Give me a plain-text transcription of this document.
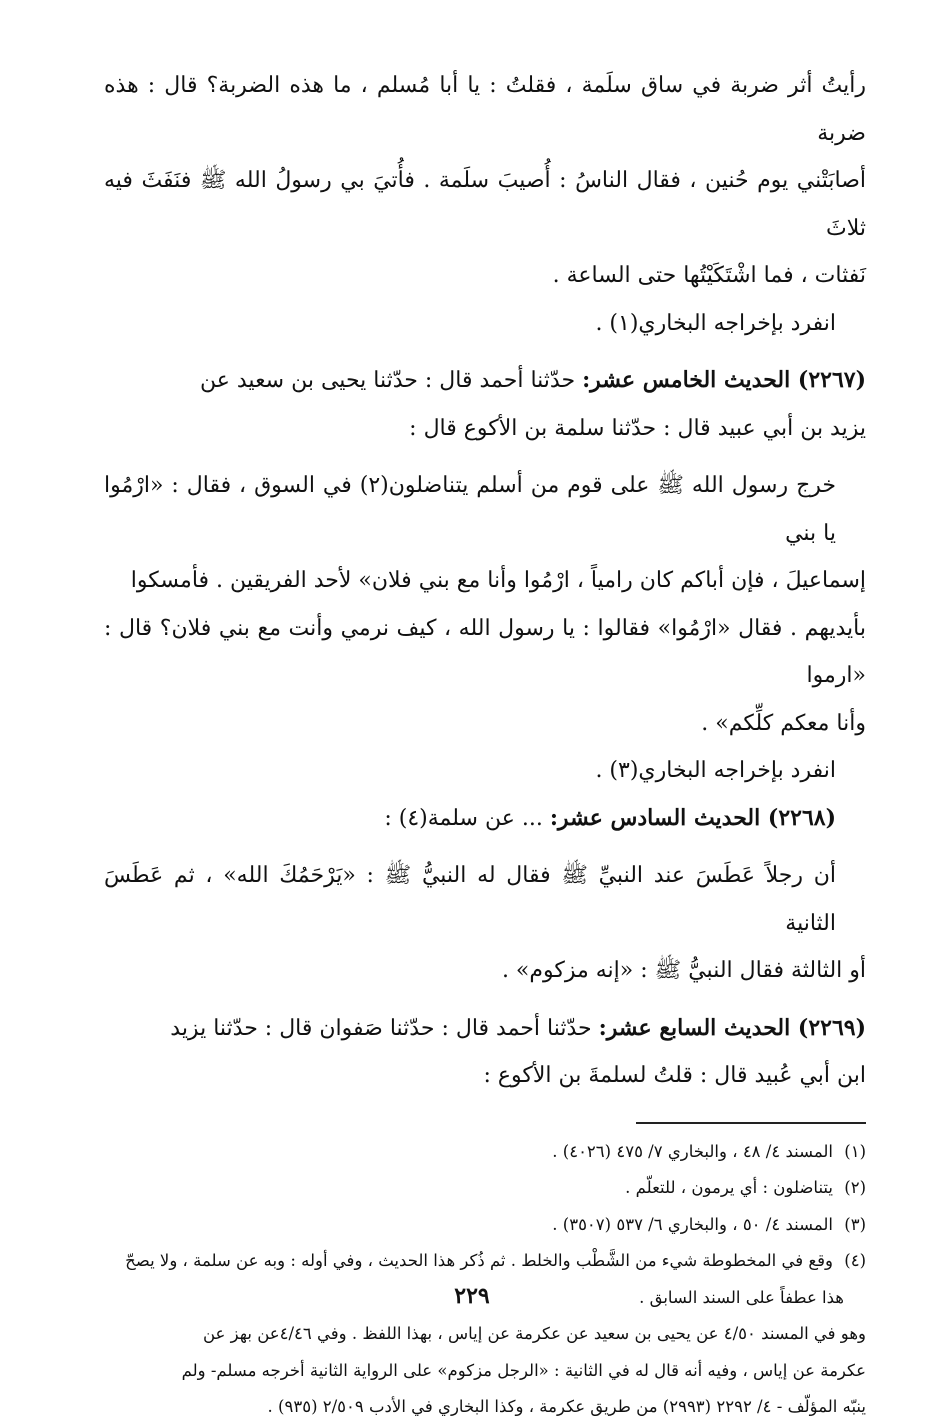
رأيتُ أثر ضربة في ساق سلَمة ، فقلتُ : يا أبا مُسلم ، ما هذه الضربة؟ قال : هذه ضربة

أصابَتْني يوم حُنين ، فقال الناسُ : أُصيبَ سلَمة . فأُتيَ بي رسولُ الله ﷺ فنَفَثَ فيه ثلاثَ

نَفثات ، فما اشْتَكَيْتُها حتى الساعة .

انفرد بإخراجه البخاري(١) .

(٢٢٦٧) الحديث الخامس عشر: حدّثنا أحمد قال : حدّثنا يحيى بن سعيد عن

يزيد بن أبي عبيد قال : حدّثنا سلمة بن الأكوع قال :

خرج رسول الله ﷺ على قوم من أسلم يتناضلون(٢) في السوق ، فقال : «ارْمُوا يا بني

إسماعيلَ ، فإن أباكم كان رامياً ، ارْمُوا وأنا مع بني فلان» لأحد الفريقين . فأمسكوا

بأيديهم . فقال «ارْمُوا» فقالوا : يا رسول الله ، كيف نرمي وأنت مع بني فلان؟ قال : «ارموا

وأنا معكم كلِّكم» .

انفرد بإخراجه البخاري(٣) .

(٢٢٦٨) الحديث السادس عشر: ... عن سلمة(٤) :

أن رجلاً عَطَسَ عند النبيِّ ﷺ فقال له النبيُّ ﷺ : «يَرْحَمُكَ الله» ، ثم عَطَسَ الثانية

أو الثالثة فقال النبيُّ ﷺ : «إنه مزكوم» .

(٢٢٦٩) الحديث السابع عشر: حدّثنا أحمد قال : حدّثنا صَفوان قال : حدّثنا يزيد

ابن أبي عُبيد قال : قلتُ لسلمةَ بن الأكوع :

(١) المسند ٤/ ٤٨ ، والبخاري ٧/ ٤٧٥ (٤٠٢٦) .

(٢) يتناضلون : أي يرمون ، للتعلّم .

(٣) المسند ٤/ ٥٠ ، والبخاري ٦/ ٥٣٧ (٣٥٠٧) .

(٤) وقع في المخطوطة شيء من الشَّطْب والخلط . ثم ذُكر هذا الحديث ، وفي أوله : وبه عن سلمة ، ولا يصحّ

هذا عطفاً على السند السابق .

وهو في المسند ٤/٥٠ عن يحيى بن سعيد عن عكرمة عن إياس ، بهذا اللفظ . وفي ٤/٤٦عن بهز عن

عكرمة عن إياس ، وفيه أنه قال له في الثانية : «الرجل مزكوم» على الرواية الثانية أخرجه مسلم- ولم

ينبّه المؤلّف - ٤/ ٢٢٩٢ (٢٩٩٣) من طريق عكرمة ، وكذا البخاري في الأدب ٢/٥٠٩ (٩٣٥) .

٢٢٩
